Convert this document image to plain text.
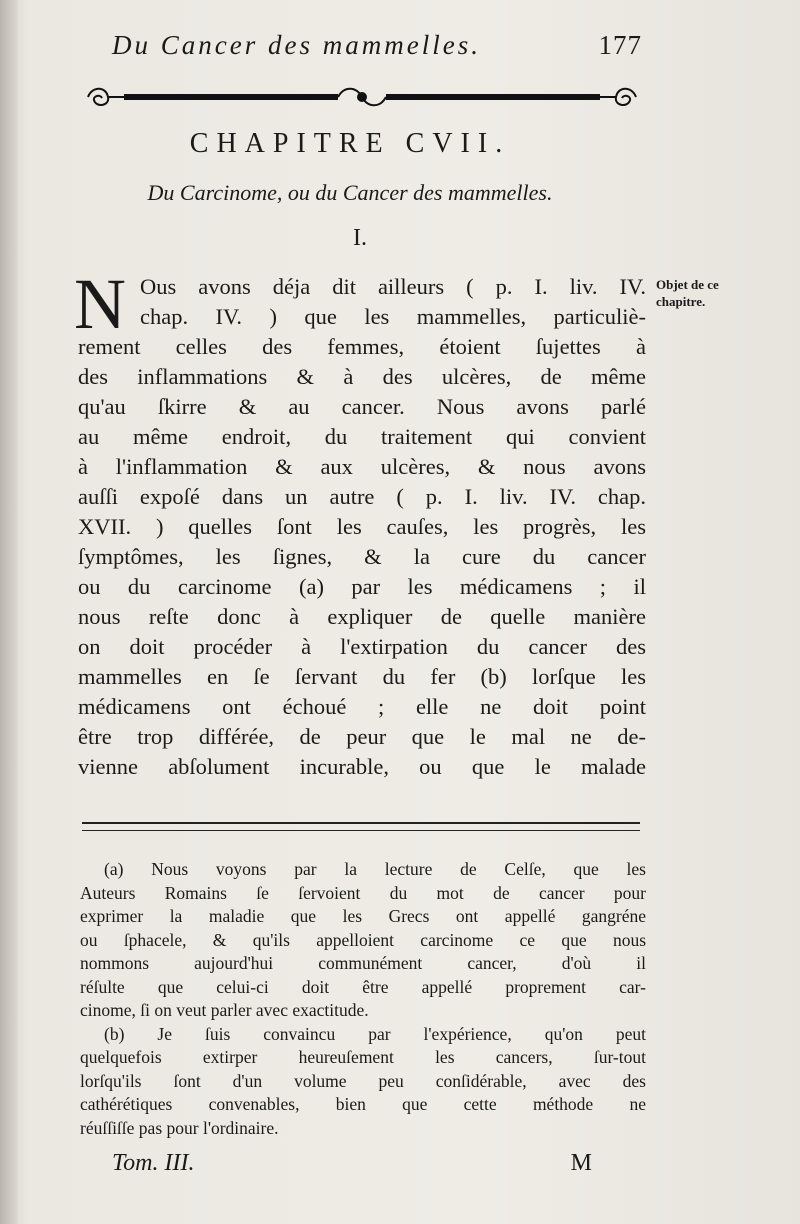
Du Cancer des mammelles.	177
CHAPITRE CVII.
Du Carcinome, ou du Cancer des mammelles.
I.
Objet de ce
chapitre.
N Ous avons déja dit ailleurs ( p. I. liv. IV.
chap. IV. ) que les mammelles, particuliè-
rement celles des femmes, étoient ſujettes à
des inflammations & à des ulcères, de même
qu'au ſkirre & au cancer. Nous avons parlé
au même endroit, du traitement qui convient
à l'inflammation & aux ulcères, & nous avons
auſſi expoſé dans un autre ( p. I. liv. IV. chap.
XVII. ) quelles ſont les cauſes, les progrès, les
ſymptômes, les ſignes, & la cure du cancer
ou du carcinome (a) par les médicamens ; il
nous reſte donc à expliquer de quelle manière
on doit procéder à l'extirpation du cancer des
mammelles en ſe ſervant du fer (b) lorſque les
médicamens ont échoué ; elle ne doit point
être trop différée, de peur que le mal ne de-
vienne abſolument incurable, ou que le malade
(a) Nous voyons par la lecture de Celſe, que les
Auteurs Romains ſe ſervoient du mot de cancer pour
exprimer la maladie que les Grecs ont appellé gangréne
ou ſphacele, & qu'ils appelloient carcinome ce que nous
nommons aujourd'hui communément cancer, d'où il
réſulte que celui-ci doit être appellé proprement car-
cinome, ſi on veut parler avec exactitude.
(b) Je ſuis convaincu par l'expérience, qu'on peut
quelquefois extirper heureuſement les cancers, ſur-tout
lorſqu'ils ſont d'un volume peu conſidérable, avec des
cathérétiques convenables, bien que cette méthode ne
réuſſiſſe pas pour l'ordinaire.
Tom. III.	M
